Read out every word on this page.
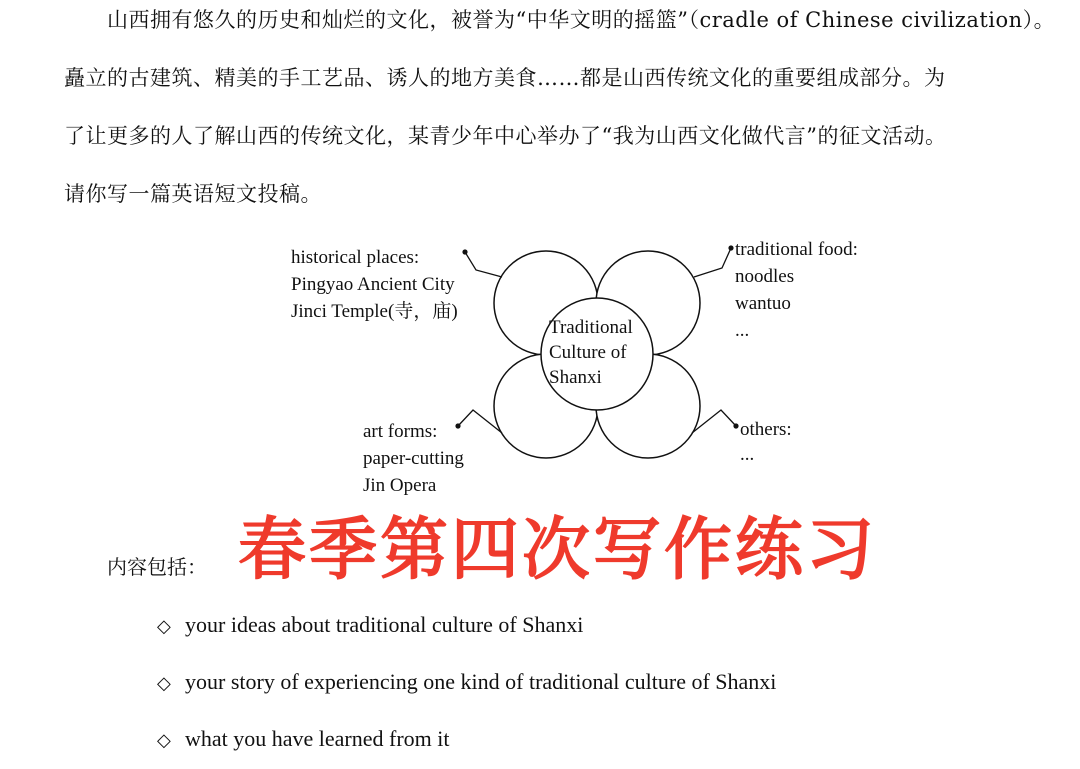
山西拥有悠久的历史和灿烂的文化，被誉为“中华文明的摇篮”（cradle of Chinese civilization）。
矗立的古建筑、精美的手工艺品、诱人的地方美食……都是山西传统文化的重要组成部分。为
了让更多的人了解山西的传统文化，某青少年中心举办了“我为山西文化做代言”的征文活动。
请你写一篇英语短文投稿。
Traditional Culture of Shanxi
historical places: Pingyao Ancient City Jinci Temple(寺，庙)
traditional food: noodles wantuo ...
art forms: paper-cutting Jin Opera
others: ...
内容包括： 春季第四次写作练习
◇ your ideas about traditional culture of Shanxi
◇ your story of experiencing one kind of traditional culture of Shanxi
◇ what you have learned from it
